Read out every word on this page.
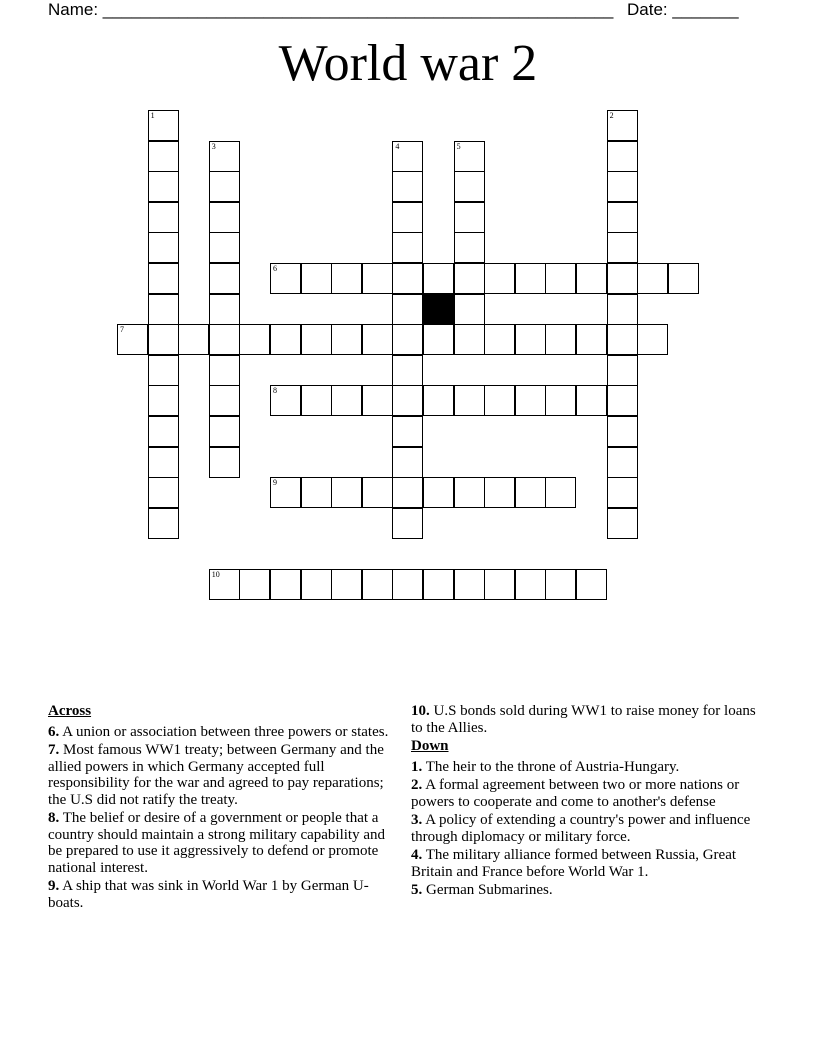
Name: ______________________________________________________ Date: _______
World war 2
1	2
3	4	5
6
7
8
9
10
Across
6. A union or association between three powers or states.
7. Most famous WW1 treaty; between Germany and the allied powers in which Germany accepted full responsibility for the war and agreed to pay reparations; the U.S did not ratify the treaty.
8. The belief or desire of a government or people that a country should maintain a strong military capability and be prepared to use it aggressively to defend or promote national interest.
9. A ship that was sink in World War 1 by German U-boats.
10. U.S bonds sold during WW1 to raise money for loans to the Allies.
Down
1. The heir to the throne of Austria-Hungary.
2. A formal agreement between two or more nations or powers to cooperate and come to another's defense
3. A policy of extending a country's power and influence through diplomacy or military force.
4. The military alliance formed between Russia, Great Britain and France before World War 1.
5. German Submarines.
